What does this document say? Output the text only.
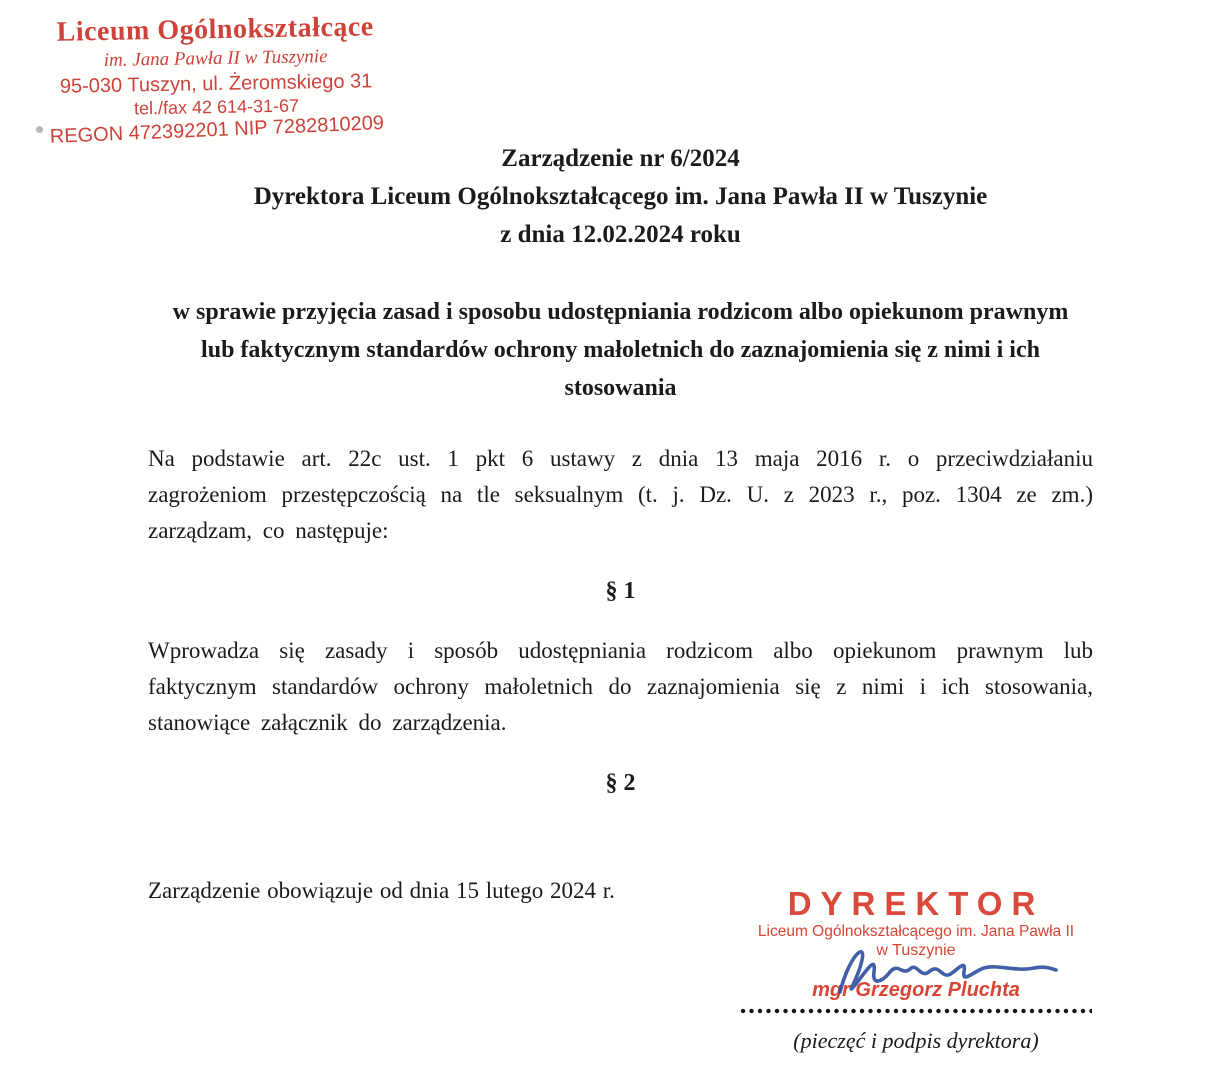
Liceum Ogólnokształcące
im. Jana Pawła II w Tuszynie
95-030 Tuszyn, ul. Żeromskiego 31
tel./fax 42 614-31-67
REGON 472392201 NIP 7282810209
Zarządzenie nr 6/2024
Dyrektora Liceum Ogólnokształcącego im. Jana Pawła II w Tuszynie
z dnia 12.02.2024 roku
w sprawie przyjęcia zasad i sposobu udostępniania rodzicom albo opiekunom prawnym
lub faktycznym standardów ochrony małoletnich do zaznajomienia się z nimi i ich
stosowania
Na podstawie art. 22c ust. 1 pkt 6 ustawy z dnia 13 maja 2016 r. o przeciwdziałaniu zagrożeniom przestępczością na tle seksualnym (t. j. Dz. U. z 2023 r., poz. 1304 ze zm.) zarządzam, co następuje:
§ 1
Wprowadza się zasady i sposób udostępniania rodzicom albo opiekunom prawnym lub faktycznym standardów ochrony małoletnich do zaznajomienia się z nimi i ich stosowania, stanowiące załącznik do zarządzenia.
§ 2
Zarządzenie obowiązuje od dnia 15 lutego 2024 r.	DYREKTOR
Liceum Ogólnokształcącego im. Jana Pawła II
w Tuszynie
mgr Grzegorz Pluchta
(pieczęć i podpis dyrektora)
